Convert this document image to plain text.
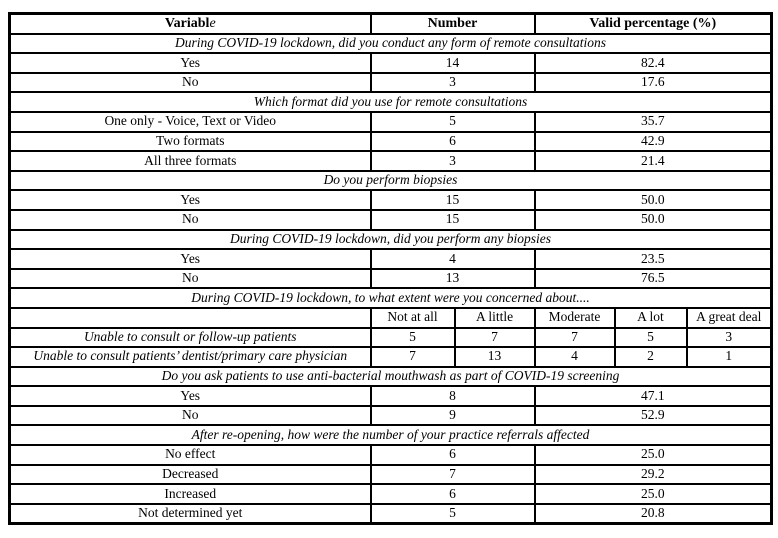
Variable	Number		Valid percentage (%)		
During COVID-19 lockdown, did you conduct any form of remote consultations					
Yes	14		82.4		
No	3		17.6		
Which format did you use for remote consultations					
One only - Voice, Text or Video	5		35.7		
Two formats	6		42.9		
All three formats	3		21.4		
Do you perform biopsies					
Yes	15		50.0		
No	15		50.0		
During COVID-19 lockdown, did you perform any biopsies					
Yes	4		23.5		
No	13		76.5		
During COVID-19 lockdown, to what extent were you concerned about....					
	Not at all	A little	Moderate	A lot	A great deal
Unable to consult or follow-up patients	5	7	7	5	3
Unable to consult patients’ dentist/primary care physician	7	13	4	2	1
Do you ask patients to use anti-bacterial mouthwash as part of COVID-19 screening					
Yes	8		47.1		
No	9		52.9		
After re-opening, how were the number of your practice referrals affected					
No effect	6		25.0		
Decreased	7		29.2		
Increased	6		25.0		
Not determined yet	5		20.8		
